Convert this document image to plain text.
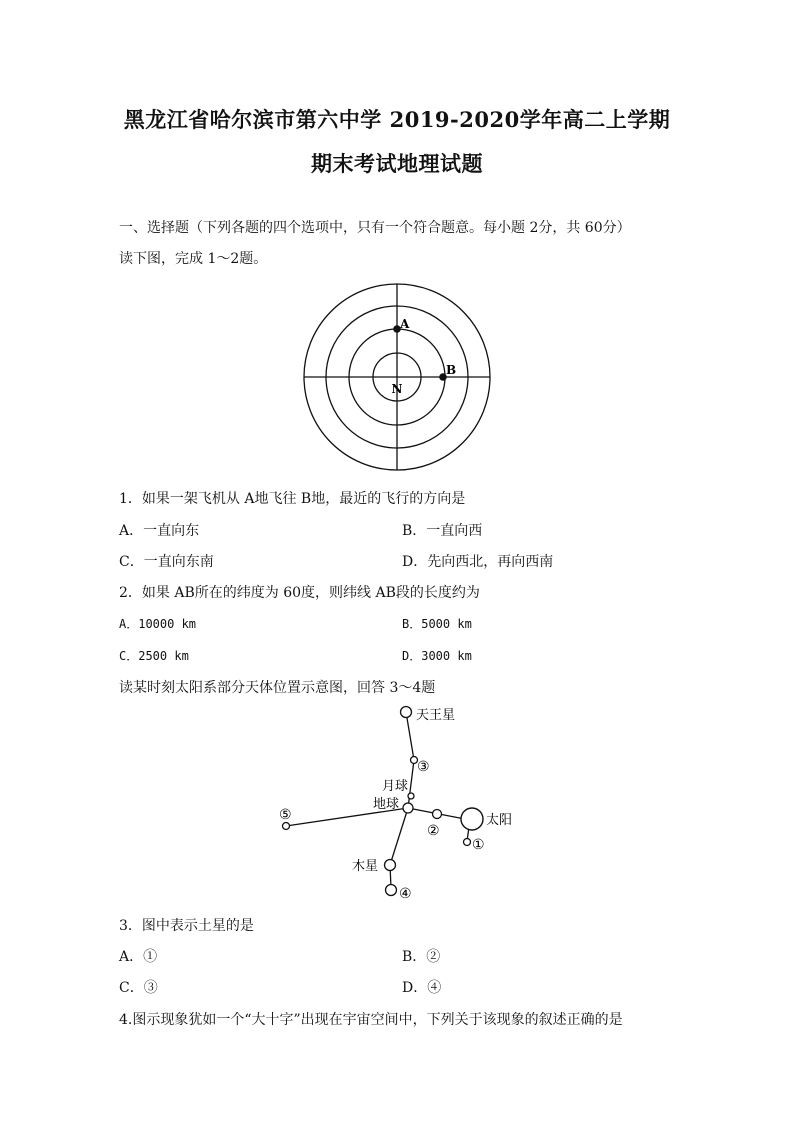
黑龙江省哈尔滨市第六中学 2019-2020学年高二上学期
期末考试地理试题
一、选择题（下列各题的四个选项中，只有一个符合题意。每小题 2分，共 60分）
读下图，完成 1～2题。
A
B
N
1．如果一架飞机从 A地飞往 B地，最近的飞行的方向是
A．一直向东	B．一直向西
C．一直向东南	D．先向西北，再向西南
2．如果 AB所在的纬度为 60度，则纬线 AB段的长度约为
A．10000 km	B．5000 km
C．2500 km	D．3000 km
读某时刻太阳系部分天体位置示意图，回答 3～4题
天王星
③
月球
地球
②
太阳
①
⑤
木星
④
3．图中表示土星的是
A．①	B．②
C．③	D．④
4.图示现象犹如一个“大十字”出现在宇宙空间中，下列关于该现象的叙述正确的是
